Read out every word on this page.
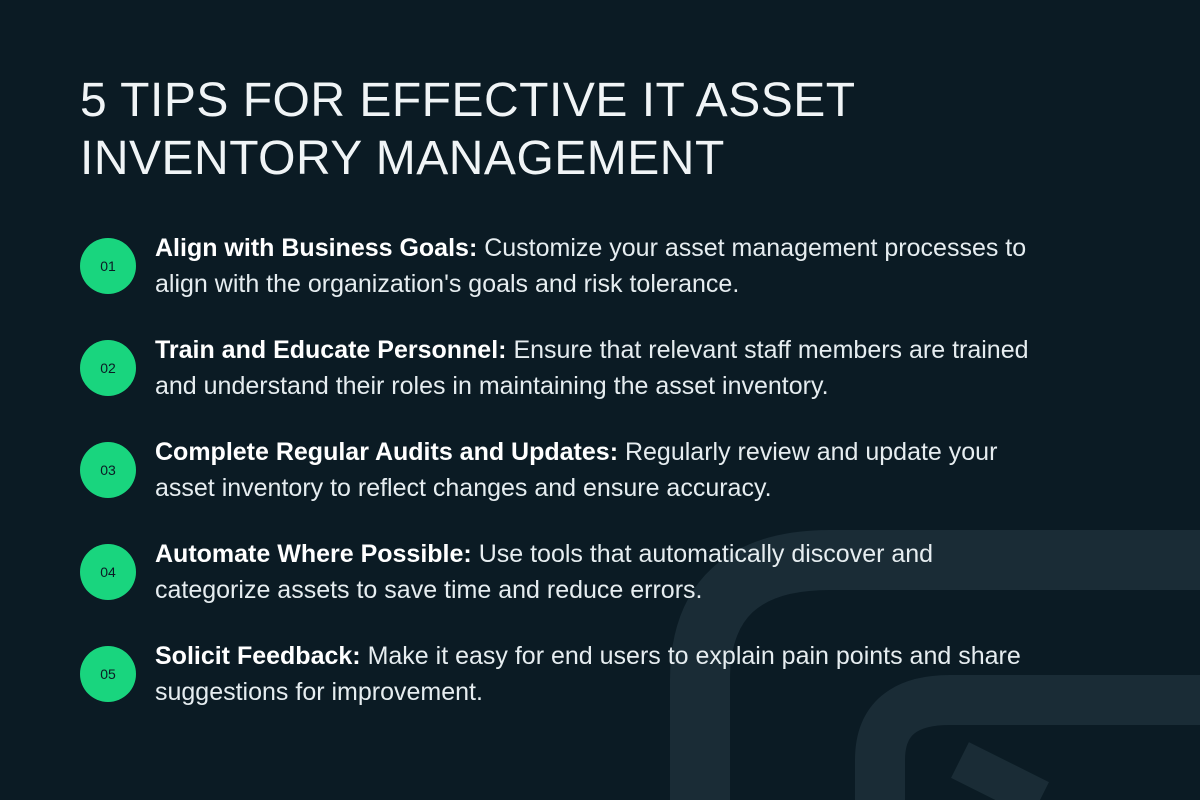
5 TIPS FOR EFFECTIVE IT ASSET INVENTORY MANAGEMENT
01

Align with Business Goals: Customize your asset management processes to align with the organization's goals and risk tolerance.

02

Train and Educate Personnel: Ensure that relevant staff members are trained and understand their roles in maintaining the asset inventory.

03

Complete Regular Audits and Updates: Regularly review and update your asset inventory to reflect changes and ensure accuracy.

04

Automate Where Possible: Use tools that automatically discover and categorize assets to save time and reduce errors.

05

Solicit Feedback: Make it easy for end users to explain pain points and share suggestions for improvement.
